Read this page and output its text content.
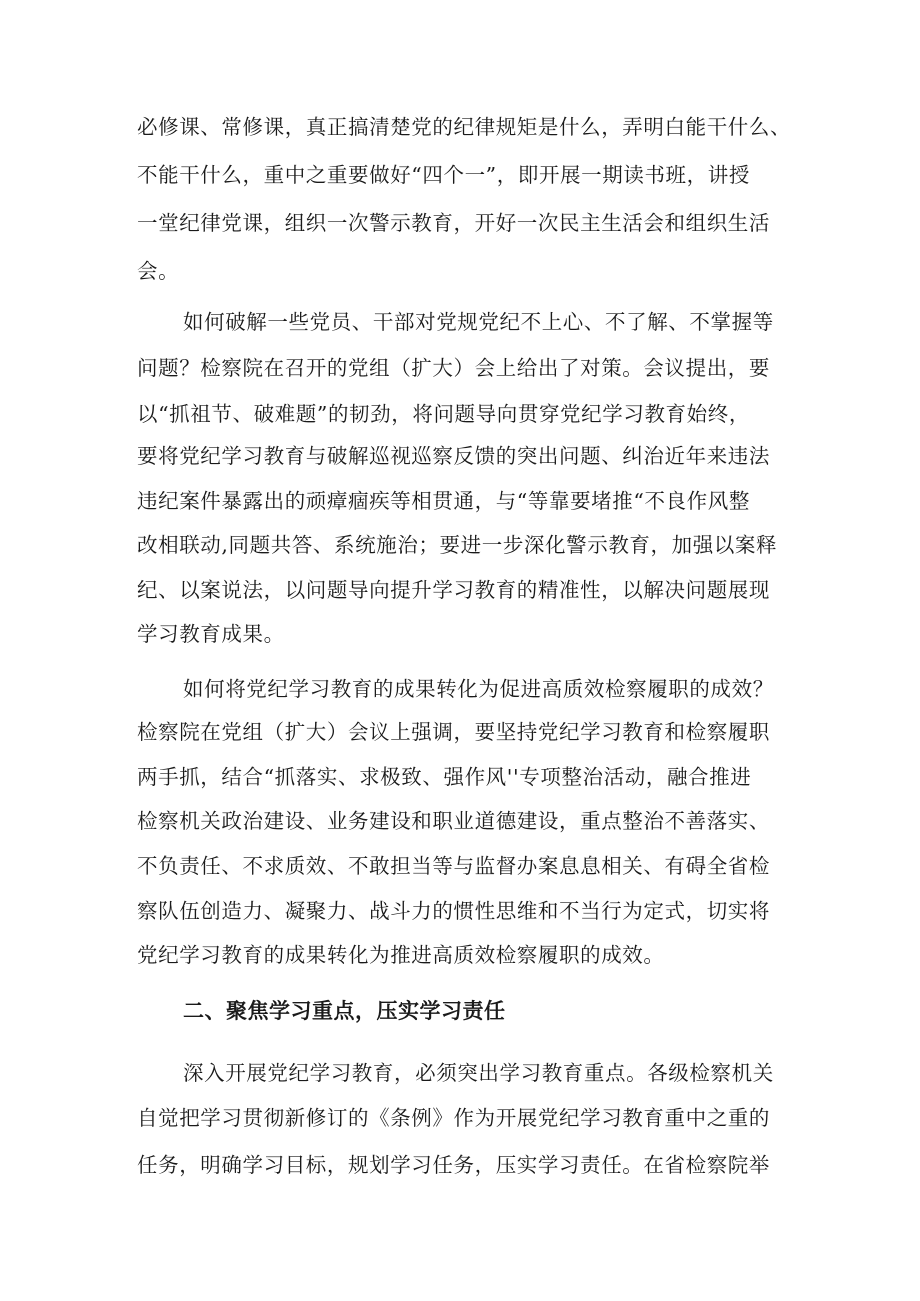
必修课、常修课，真正搞清楚党的纪律规矩是什么，弄明白能干什么、
不能干什么，重中之重要做好“四个一”，即开展一期读书班，讲授
一堂纪律党课，组织一次警示教育，开好一次民主生活会和组织生活
会。
如何破解一些党员、干部对党规党纪不上心、不了解、不掌握等
问题？检察院在召开的党组（扩大）会上给出了对策。会议提出，要
以“抓祖节、破难题”的韧劲，将问题导向贯穿党纪学习教育始终，
要将党纪学习教育与破解巡视巡察反馈的突出问题、纠治近年来违法
违纪案件暴露出的顽瘴痼疾等相贯通，与“等靠要堵推“不良作风整
改相联动,同题共答、系统施治；要进一步深化警示教育，加强以案释
纪、以案说法，以问题导向提升学习教育的精准性，以解决问题展现
学习教育成果。
如何将党纪学习教育的成果转化为促进高质效检察履职的成效？
检察院在党组（扩大）会议上强调，要坚持党纪学习教育和检察履职
两手抓，结合“抓落实、求极致、强作风''专项整治活动，融合推进
检察机关政治建设、业务建设和职业道德建设，重点整治不善落实、
不负责任、不求质效、不敢担当等与监督办案息息相关、有碍全省检
察队伍创造力、凝聚力、战斗力的惯性思维和不当行为定式，切实将
党纪学习教育的成果转化为推进高质效检察履职的成效。
二、聚焦学习重点，压实学习责任
深入开展党纪学习教育，必须突出学习教育重点。各级检察机关
自觉把学习贯彻新修订的《条例》作为开展党纪学习教育重中之重的
任务，明确学习目标，规划学习任务，压实学习责任。在省检察院举
